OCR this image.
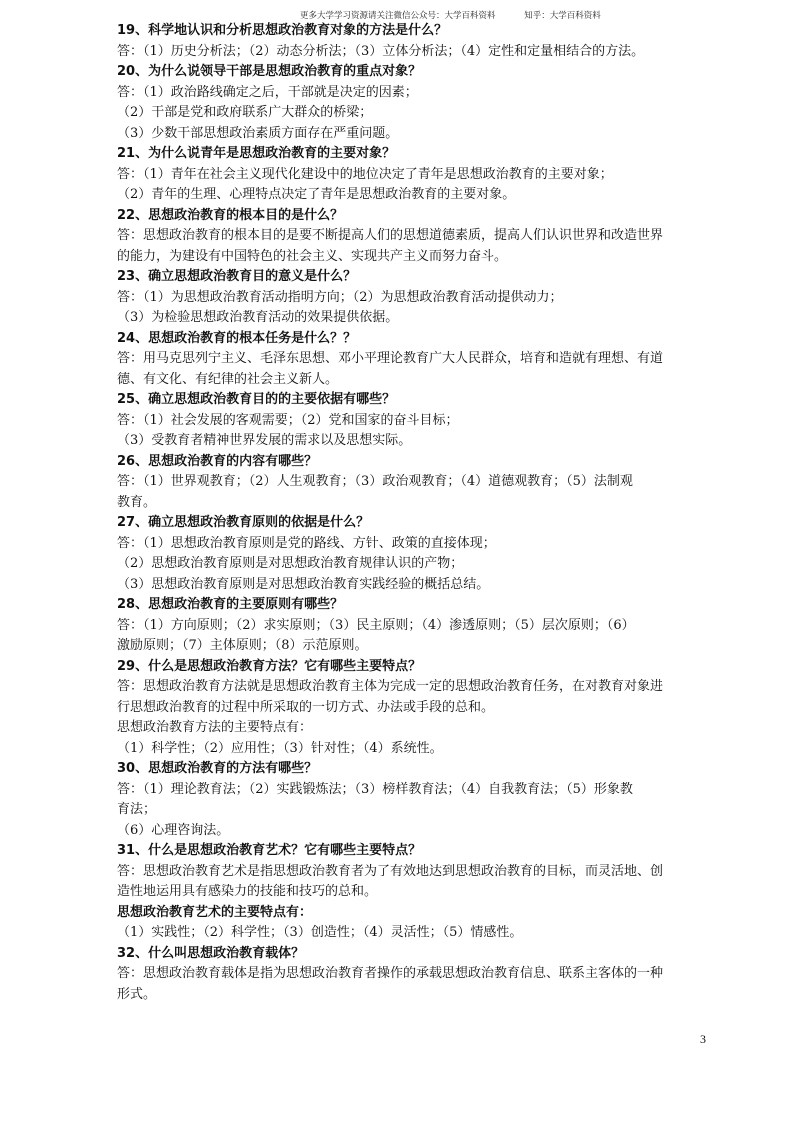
更多大学学习资源请关注微信公众号：大学百科资料	知乎：大学百科资料
19、科学地认识和分析思想政治教育对象的方法是什么？
答：（1）历史分析法；（2）动态分析法；（3）立体分析法；（4）定性和定量相结合的方法。
20、为什么说领导干部是思想政治教育的重点对象？
答：（1）政治路线确定之后，干部就是决定的因素；
（2）干部是党和政府联系广大群众的桥梁；
（3）少数干部思想政治素质方面存在严重问题。
21、为什么说青年是思想政治教育的主要对象？
答：（1）青年在社会主义现代化建设中的地位决定了青年是思想政治教育的主要对象；
（2）青年的生理、心理特点决定了青年是思想政治教育的主要对象。
22、思想政治教育的根本目的是什么？
答：思想政治教育的根本目的是要不断提高人们的思想道德素质，提高人们认识世界和改造世界
的能力，为建设有中国特色的社会主义、实现共产主义而努力奋斗。
23、确立思想政治教育目的意义是什么？
答：（1）为思想政治教育活动指明方向；（2）为思想政治教育活动提供动力；
（3）为检验思想政治教育活动的效果提供依据。
24、思想政治教育的根本任务是什么？？
答：用马克思列宁主义、毛泽东思想、邓小平理论教育广大人民群众，培育和造就有理想、有道
德、有文化、有纪律的社会主义新人。
25、确立思想政治教育目的的主要依据有哪些？
答：（1）社会发展的客观需要；（2）党和国家的奋斗目标；
（3）受教育者精神世界发展的需求以及思想实际。
26、思想政治教育的内容有哪些？
答：（1）世界观教育；（2）人生观教育；（3）政治观教育；（4）道德观教育；（5）法制观
教育。
27、确立思想政治教育原则的依据是什么？
答：（1）思想政治教育原则是党的路线、方针、政策的直接体现；
（2）思想政治教育原则是对思想政治教育规律认识的产物；
（3）思想政治教育原则是对思想政治教育实践经验的概括总结。
28、思想政治教育的主要原则有哪些？
答：（1）方向原则；（2）求实原则；（3）民主原则；（4）渗透原则；（5）层次原则；（6）
激励原则；（7）主体原则；（8）示范原则。
29、什么是思想政治教育方法？它有哪些主要特点？
答：思想政治教育方法就是思想政治教育主体为完成一定的思想政治教育任务，在对教育对象进
行思想政治教育的过程中所采取的一切方式、办法或手段的总和。
思想政治教育方法的主要特点有：
（1）科学性；（2）应用性；（3）针对性；（4）系统性。
30、思想政治教育的方法有哪些？
答：（1）理论教育法；（2）实践锻炼法；（3）榜样教育法；（4）自我教育法；（5）形象教
育法；
（6）心理咨询法。
31、什么是思想政治教育艺术？它有哪些主要特点？
答：思想政治教育艺术是指思想政治教育者为了有效地达到思想政治教育的目标，而灵活地、创
造性地运用具有感染力的技能和技巧的总和。
思想政治教育艺术的主要特点有：
（1）实践性；（2）科学性；（3）创造性；（4）灵活性；（5）情感性。
32、什么叫思想政治教育载体？
答：思想政治教育载体是指为思想政治教育者操作的承载思想政治教育信息、联系主客体的一种
形式。
3
